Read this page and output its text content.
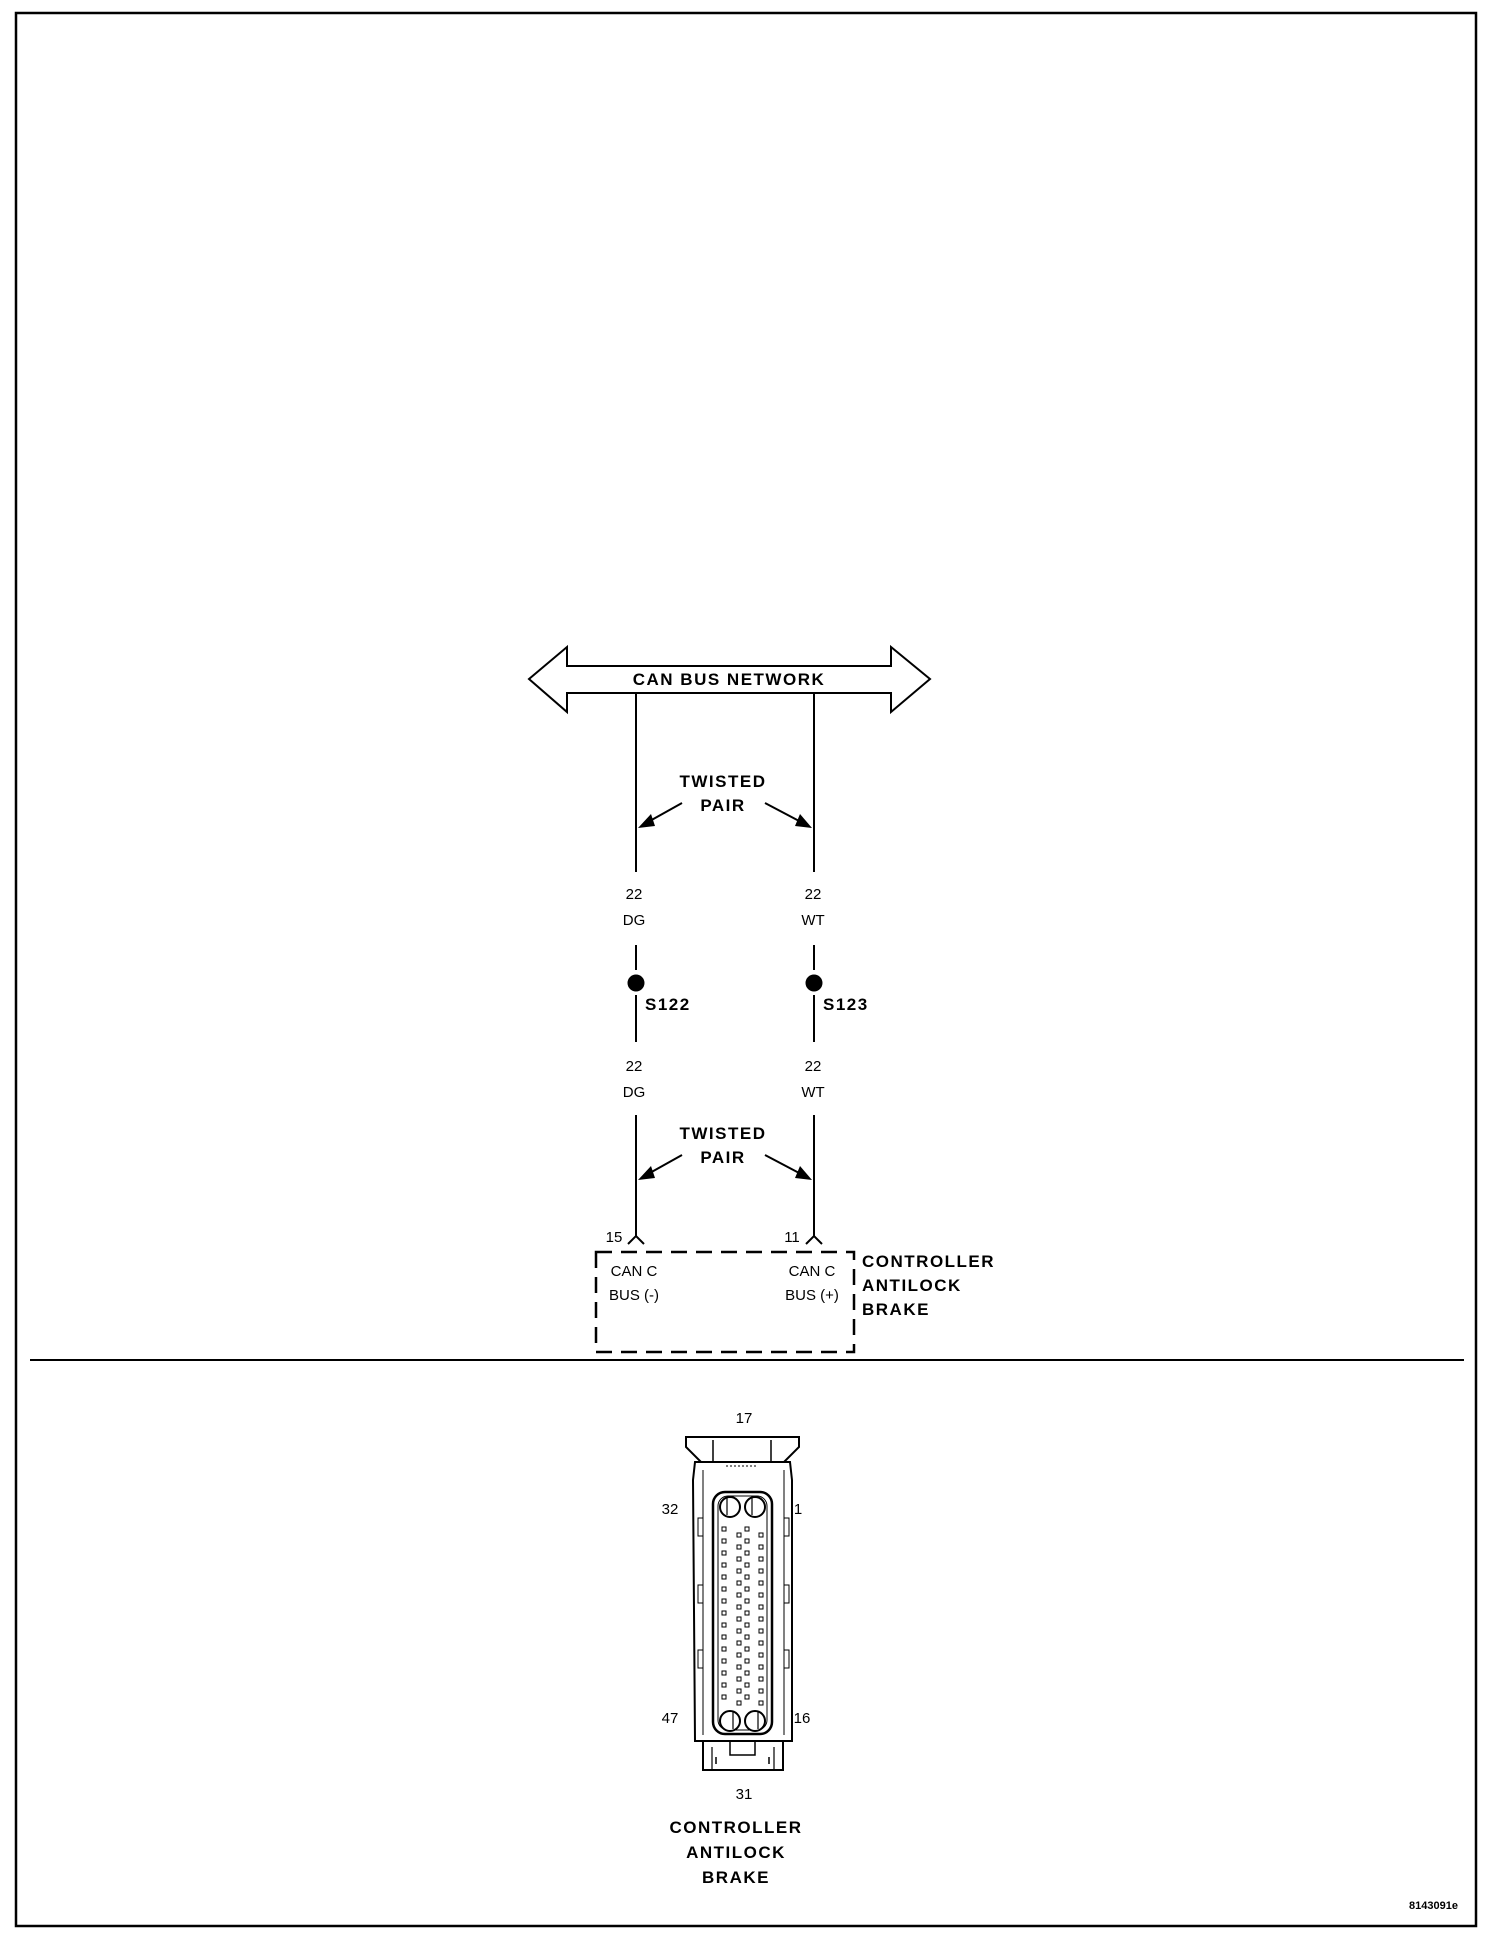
CAN BUS NETWORK
TWISTED
PAIR
TWISTED
PAIR
22
DG
22
WT
22
DG
22
WT
S122	S123
15	11
CAN C
BUS (-)
CAN C
BUS (+)
CONTROLLER
ANTILOCK
BRAKE
17
32	1
47	16
31
CONTROLLER
ANTILOCK
BRAKE
8143091e
